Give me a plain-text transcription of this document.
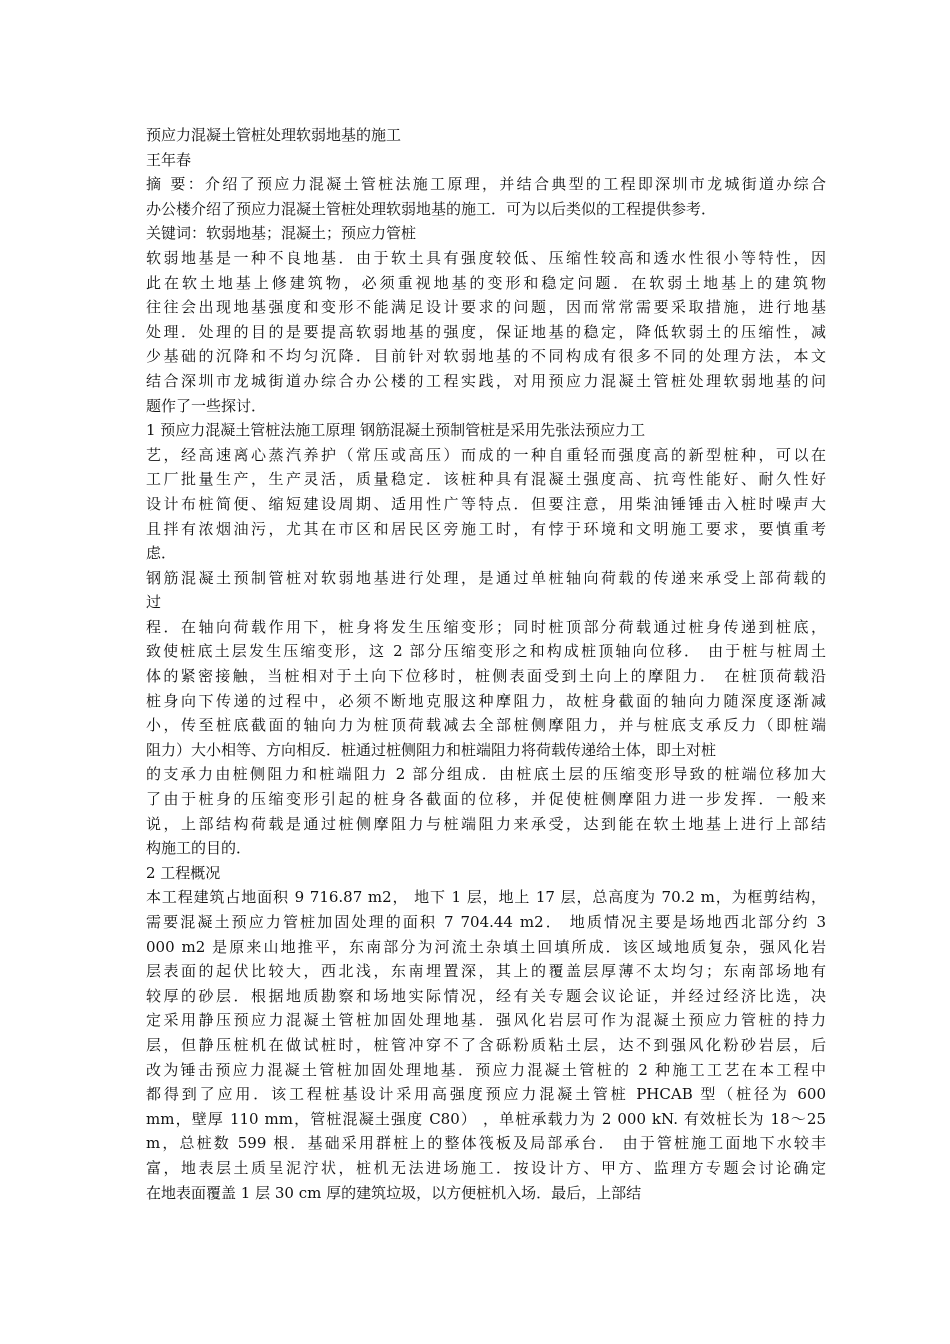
预应力混凝土管桩处理软弱地基的施工
王年春
摘 要：介绍了预应力混凝土管桩法施工原理，并结合典型的工程即深圳市龙城街道办综合
办公楼介绍了预应力混凝土管桩处理软弱地基的施工．可为以后类似的工程提供参考．
关键词：软弱地基；混凝土；预应力管桩
软弱地基是一种不良地基．由于软土具有强度较低、压缩性较高和透水性很小等特性，因
此在软土地基上修建筑物，必须重视地基的变形和稳定问题．在软弱土地基上的建筑物
往往会出现地基强度和变形不能满足设计要求的问题，因而常常需要采取措施，进行地基
处理．处理的目的是要提高软弱地基的强度，保证地基的稳定，降低软弱土的压缩性，减
少基础的沉降和不均匀沉降．目前针对软弱地基的不同构成有很多不同的处理方法，本文
结合深圳市龙城街道办综合办公楼的工程实践，对用预应力混凝土管桩处理软弱地基的问
题作了一些探讨．
1 预应力混凝土管桩法施工原理 钢筋混凝土预制管桩是采用先张法预应力工
艺，经高速离心蒸汽养护（常压或高压）而成的一种自重轻而强度高的新型桩种，可以在
工厂批量生产，生产灵活，质量稳定．该桩种具有混凝土强度高、抗弯性能好、耐久性好
设计布桩简便、缩短建设周期、适用性广等特点．但要注意，用柴油锤锤击入桩时噪声大
且拌有浓烟油污，尤其在市区和居民区旁施工时，有悖于环境和文明施工要求，要慎重考
虑．
钢筋混凝土预制管桩对软弱地基进行处理，是通过单桩轴向荷载的传递来承受上部荷载的
过
程．在轴向荷载作用下，桩身将发生压缩变形；同时桩顶部分荷载通过桩身传递到桩底，
致使桩底土层发生压缩变形，这 2 部分压缩变形之和构成桩顶轴向位移． 由于桩与桩周土
体的紧密接触，当桩相对于土向下位移时，桩侧表面受到土向上的摩阻力． 在桩顶荷载沿
桩身向下传递的过程中，必须不断地克服这种摩阻力，故桩身截面的轴向力随深度逐渐减
小，传至桩底截面的轴向力为桩顶荷载减去全部桩侧摩阻力，并与桩底支承反力（即桩端
阻力）大小相等、方向相反．桩通过桩侧阻力和桩端阻力将荷载传递给土体，即土对桩
的支承力由桩侧阻力和桩端阻力 2 部分组成．由桩底土层的压缩变形导致的桩端位移加大
了由于桩身的压缩变形引起的桩身各截面的位移，并促使桩侧摩阻力进一步发挥．一般来
说，上部结构荷载是通过桩侧摩阻力与桩端阻力来承受，达到能在软土地基上进行上部结
构施工的目的．
2 工程概况
本工程建筑占地面积 9 716.87 m2， 地下 1 层，地上 17 层，总高度为 70.2 m，为框剪结构，
需要混凝土预应力管桩加固处理的面积 7 704.44 m2． 地质情况主要是场地西北部分约 3
000 m2 是原来山地推平，东南部分为河流土杂填土回填所成．该区域地质复杂，强风化岩
层表面的起伏比较大，西北浅，东南埋置深，其上的覆盖层厚薄不太均匀；东南部场地有
较厚的砂层．根据地质勘察和场地实际情况，经有关专题会议论证，并经过经济比选，决
定采用静压预应力混凝土管桩加固处理地基．强风化岩层可作为混凝土预应力管桩的持力
层，但静压桩机在做试桩时，桩管冲穿不了含砾粉质粘土层，达不到强风化粉砂岩层，后
改为锤击预应力混凝土管桩加固处理地基．预应力混凝土管桩的 2 种施工工艺在本工程中
都得到了应用．该工程桩基设计采用高强度预应力混凝土管桩 PHCAB 型（桩径为 600
mm，壁厚 110 mm，管桩混凝土强度 C80） ，单桩承载力为 2 000 kN. 有效桩长为 18～25
m，总桩数 599 根．基础采用群桩上的整体筏板及局部承台． 由于管桩施工面地下水较丰
富，地表层土质呈泥泞状，桩机无法进场施工．按设计方、甲方、监理方专题会讨论确定
在地表面覆盖 1 层 30 cm 厚的建筑垃圾，以方便桩机入场．最后，上部结
